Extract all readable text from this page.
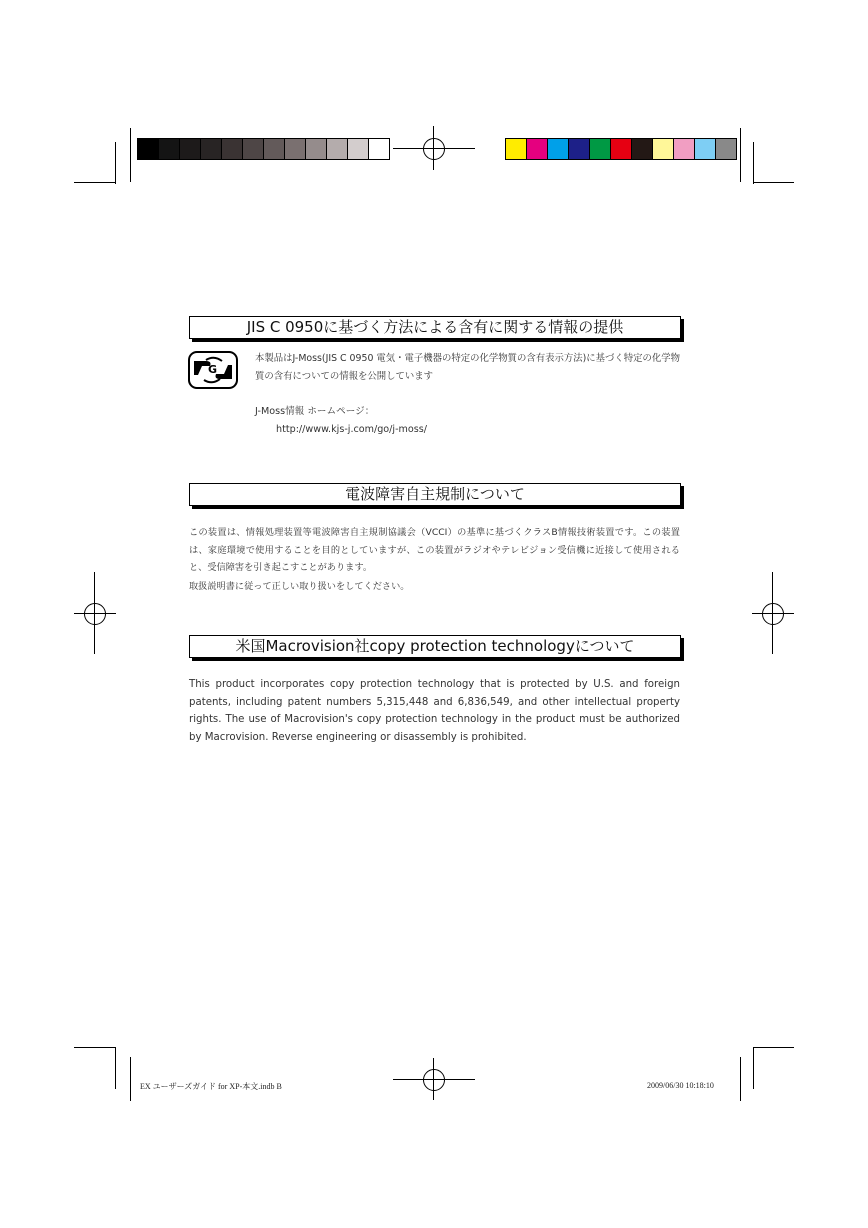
JIS C 0950に基づく方法による含有に関する情報の提供
G
本製品はJ-Moss(JIS C 0950 電気・電子機器の特定の化学物質の含有表示方法)に基づく特定の化学物質の含有についての情報を公開しています
J-Moss情報 ホームページ：
http://www.kjs-j.com/go/j-moss/
電波障害自主規制について
この装置は、情報処理装置等電波障害自主規制協議会（VCCI）の基準に基づくクラスB情報技術装置です。この装置は、家庭環境で使用することを目的としていますが、この装置がラジオやテレビジョン受信機に近接して使用されると、受信障害を引き起こすことがあります。
取扱説明書に従って正しい取り扱いをしてください。
米国Macrovision社copy protection technologyについて
This product incorporates copy protection technology that is protected by U.S. and foreign patents, including patent numbers 5,315,448 and 6,836,549, and other intellectual property rights. The use of Macrovision's copy protection technology in the product must be authorized by Macrovision. Reverse engineering or disassembly is prohibited.
EX ユーザーズガイド for XP-本文.indb B	2009/06/30 10:18:10
